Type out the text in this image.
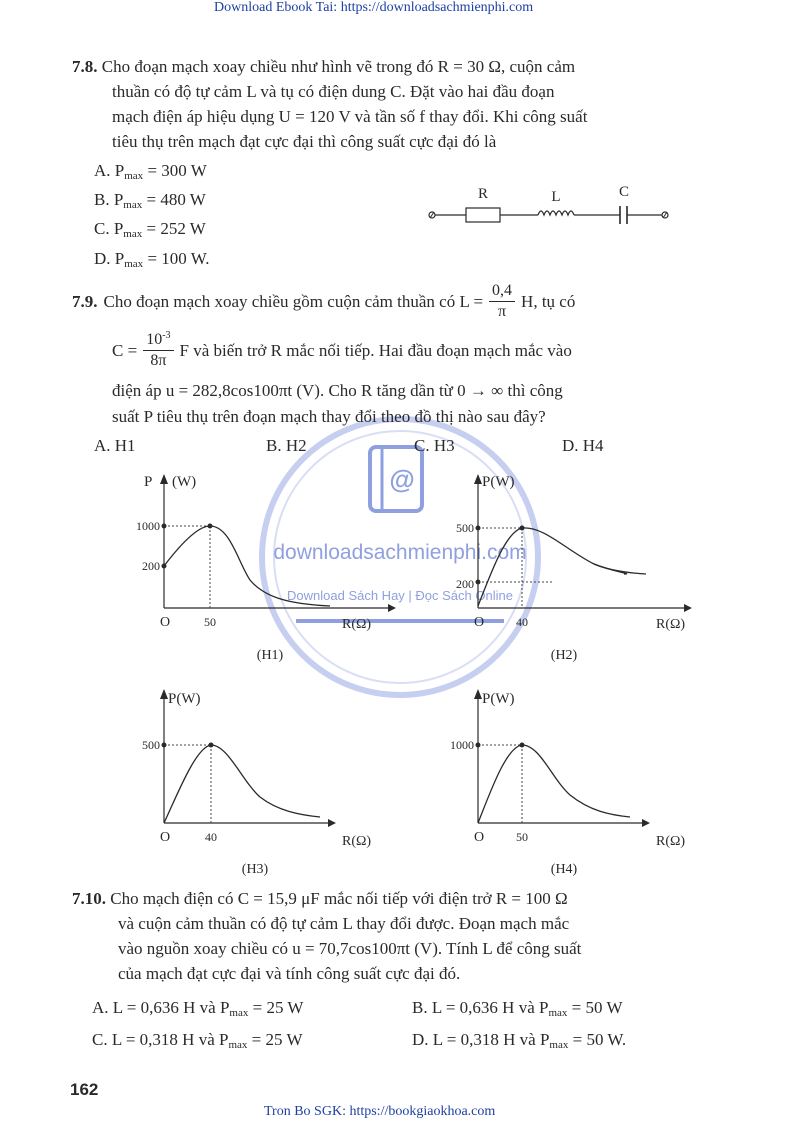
Download Ebook Tai: https://downloadsachmienphi.com
@
downloadsachmienphi.com
Download Sách Hay | Đọc Sách Online
7.8. Cho đoạn mạch xoay chiều như hình vẽ trong đó R = 30 Ω, cuộn cảm
thuần có độ tự cảm L và tụ có điện dung C. Đặt vào hai đầu đoạn
mạch điện áp hiệu dụng U = 120 V và tần số f thay đổi. Khi công suất
tiêu thụ trên mạch đạt cực đại thì công suất cực đại đó là
A. $P_{max} = 300$ W
B. $P_{max} = 480$ W
C. $P_{max} = 252$ W
D. $P_{max} = 100$ W.
R	L	C
7.9. Cho đoạn mạch xoay chiều gồm cuộn cảm thuần có $L = \frac{0,4}{\pi} H$, tụ có
$C = \frac{10^{-3}}{8\pi}$ F và biến trở R mắc nối tiếp. Hai đầu đoạn mạch mắc vào
điện áp u = 282,8cos100πt (V). Cho R tăng dần từ 0 → ∞ thì công
suất P tiêu thụ trên đoạn mạch thay đổi theo đồ thị nào sau đây?
A. H1	B. H2	C. H3	D. H4
P (W)
1000
200
O	50	R(Ω)
(H1)
P(W)
500
200
O	40	R(Ω)
(H2)
P(W)
500
O	40	R(Ω)
(H3)
P(W)
1000
O	50	R(Ω)
(H4)
7.10. Cho mạch điện có C = 15,9 μF mắc nối tiếp với điện trở R = 100 Ω
và cuộn cảm thuần có độ tự cảm L thay đổi được. Đoạn mạch mắc
vào nguồn xoay chiều có u = 70,7cos100πt (V). Tính L để công suất
của mạch đạt cực đại và tính công suất cực đại đó.
A. L = 0,636 H và $P_{max} = 25$ W	B. L = 0,636 H và $P_{max} = 50$ W
C. L = 0,318 H và $P_{max} = 25$ W	D. L = 0,318 H và $P_{max} = 50$ W.
162
Tron Bo SGK: https://bookgiaokhoa.com
